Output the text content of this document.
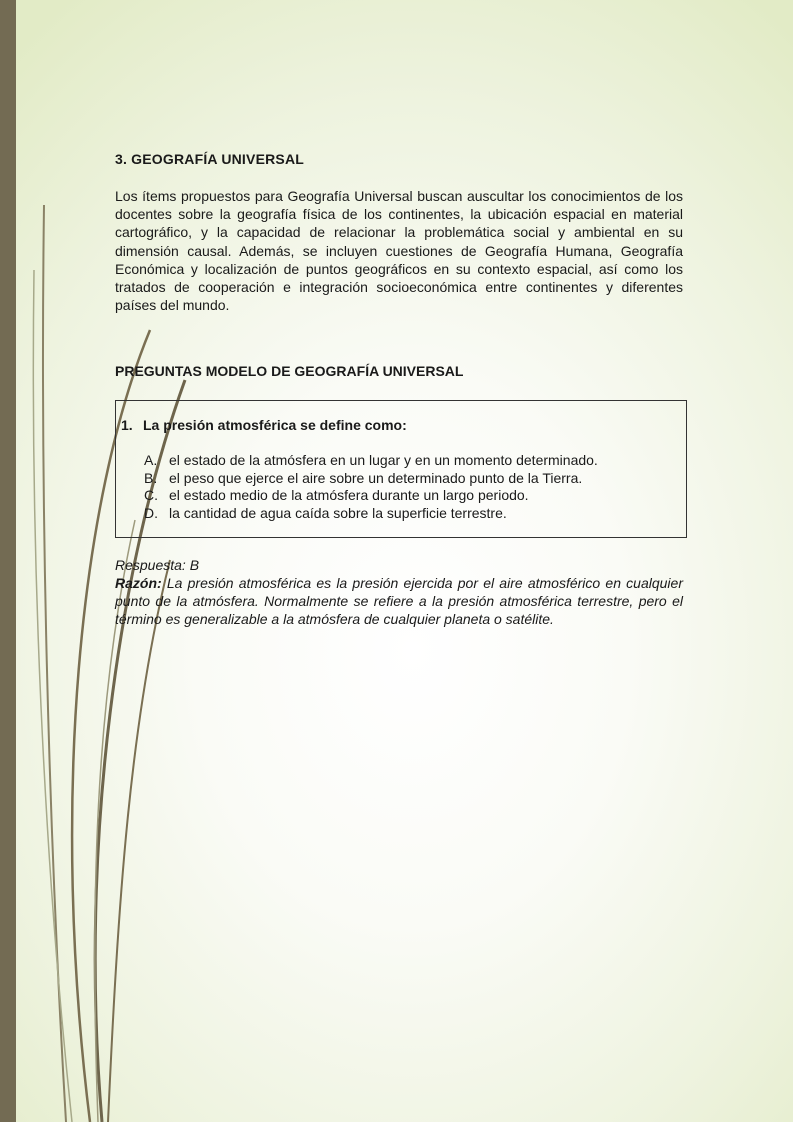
3. GEOGRAFÍA UNIVERSAL

Los ítems propuestos para Geografía Universal buscan auscultar los conocimientos de los docentes sobre la geografía física de los continentes, la ubicación espacial en material cartográfico, y la capacidad de relacionar la problemática social y ambiental en su dimensión causal. Además, se incluyen cuestiones de Geografía Humana, Geografía Económica y localización de puntos geográficos en su contexto espacial, así como los tratados de cooperación e integración socioeconómica entre continentes y diferentes países del mundo.

PREGUNTAS MODELO DE GEOGRAFÍA UNIVERSAL
1. La presión atmosférica se define como:
A. el estado de la atmósfera en un lugar y en un momento determinado.
B. el peso que ejerce el aire sobre un determinado punto de la Tierra.
C. el estado medio de la atmósfera durante un largo periodo.
D. la cantidad de agua caída sobre la superficie terrestre.
Respuesta: B

Razón: La presión atmosférica es la presión ejercida por el aire atmosférico en cualquier punto de la atmósfera. Normalmente se refiere a la presión atmosférica terrestre, pero el término es generalizable a la atmósfera de cualquier planeta o satélite.
